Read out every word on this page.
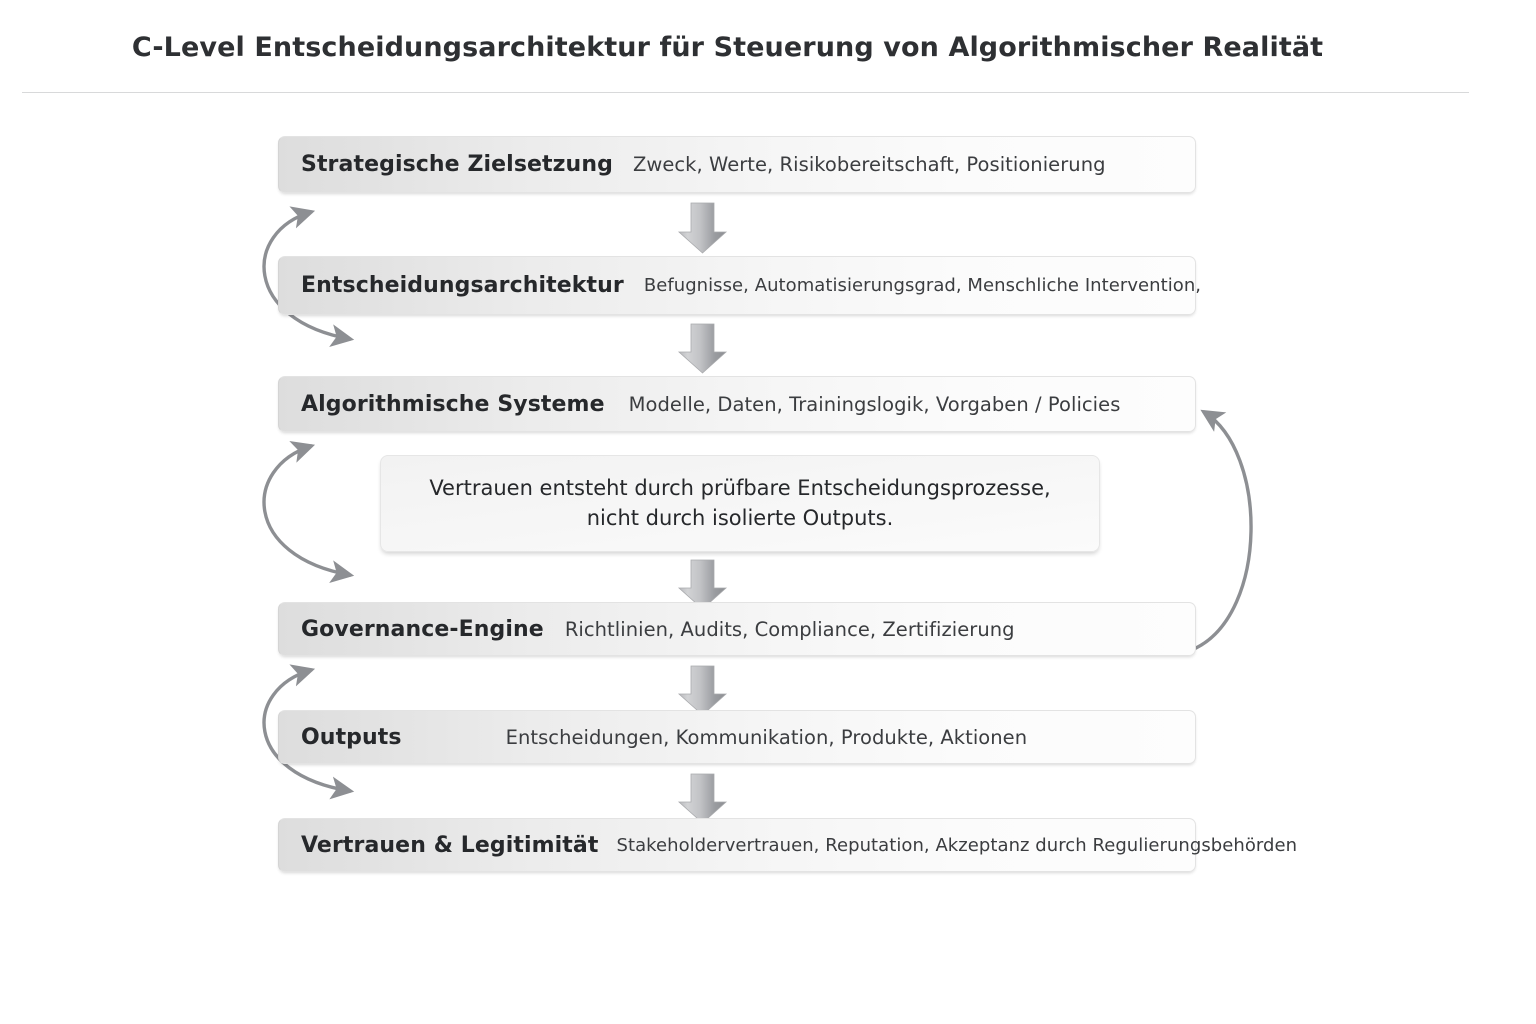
C-Level Entscheidungsarchitektur für Steuerung von Algorithmischer Realität
Strategische Zielsetzung Zweck, Werte, Risikobereitschaft, Positionierung
Entscheidungsarchitektur Befugnisse, Automatisierungsgrad, Menschliche Intervention,
Algorithmische Systeme Modelle, Daten, Trainingslogik, Vorgaben / Policies
Vertrauen entsteht durch prüfbare Entscheidungsprozesse,
nicht durch isolierte Outputs.
Governance-Engine Richtlinien, Audits, Compliance, Zertifizierung
Outputs	Entscheidungen, Kommunikation, Produkte, Aktionen
Vertrauen & Legitimität Stakeholdervertrauen, Reputation, Akzeptanz durch Regulierungsbehörden
